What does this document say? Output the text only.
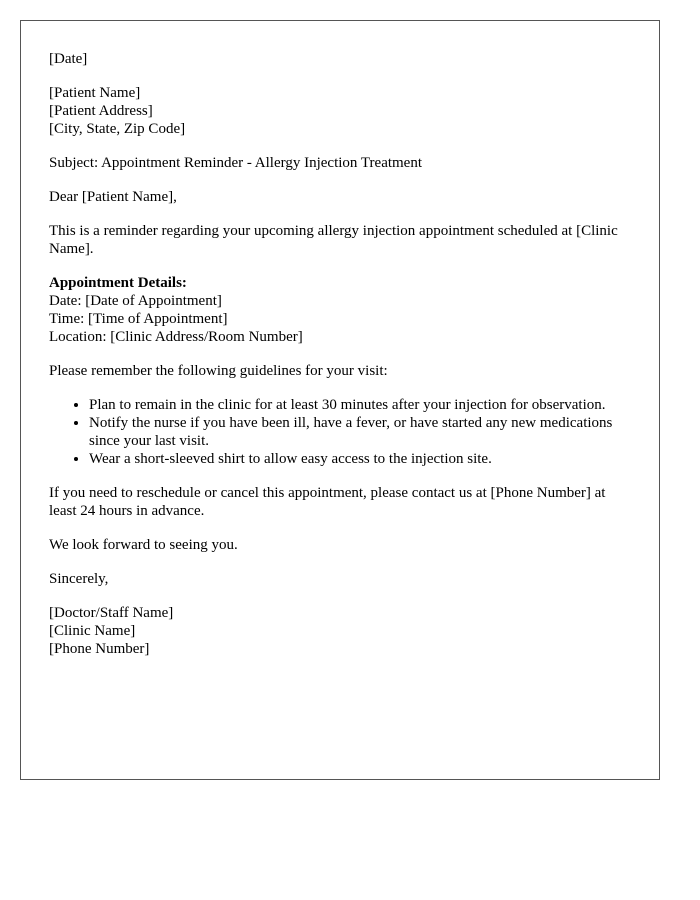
[Date]

[Patient Name]
[Patient Address]
[City, State, Zip Code]

Subject: Appointment Reminder - Allergy Injection Treatment

Dear [Patient Name],

This is a reminder regarding your upcoming allergy injection appointment scheduled at [Clinic Name].

Appointment Details:
Date: [Date of Appointment]
Time: [Time of Appointment]
Location: [Clinic Address/Room Number]

Please remember the following guidelines for your visit:

• Plan to remain in the clinic for at least 30 minutes after your injection for observation.
• Notify the nurse if you have been ill, have a fever, or have started any new medications since your last visit.
• Wear a short-sleeved shirt to allow easy access to the injection site.

If you need to reschedule or cancel this appointment, please contact us at [Phone Number] at least 24 hours in advance.

We look forward to seeing you.

Sincerely,

[Doctor/Staff Name]
[Clinic Name]
[Phone Number]
